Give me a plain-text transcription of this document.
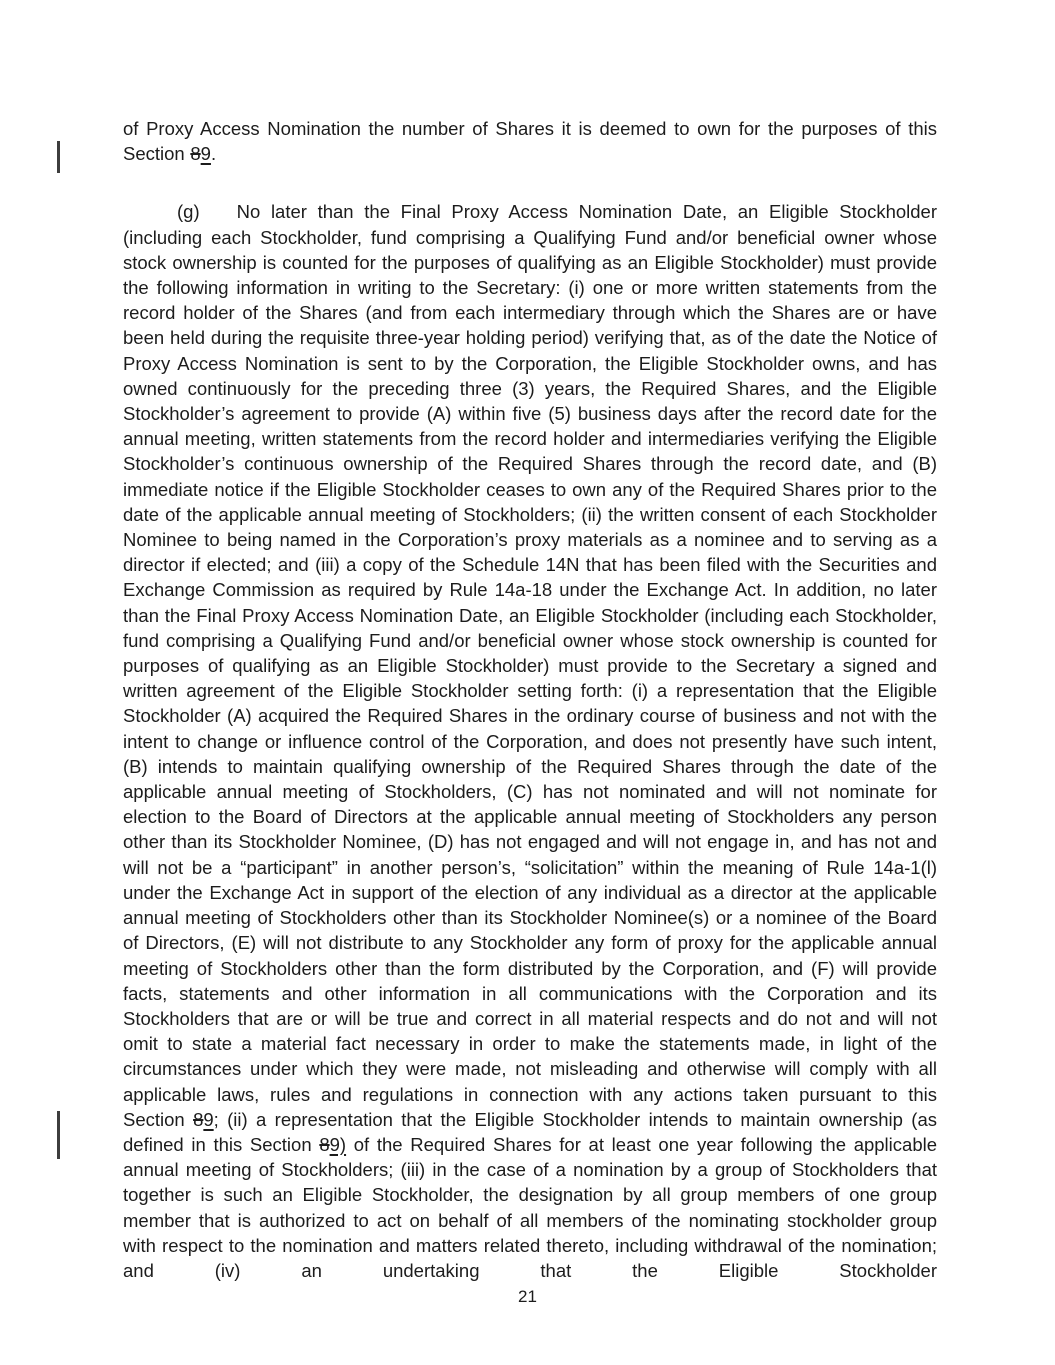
of Proxy Access Nomination the number of Shares it is deemed to own for the purposes of this Section 89.

(g) No later than the Final Proxy Access Nomination Date, an Eligible Stockholder (including each Stockholder, fund comprising a Qualifying Fund and/or beneficial owner whose stock ownership is counted for the purposes of qualifying as an Eligible Stockholder) must provide the following information in writing to the Secretary: (i) one or more written statements from the record holder of the Shares (and from each intermediary through which the Shares are or have been held during the requisite three-year holding period) verifying that, as of the date the Notice of Proxy Access Nomination is sent to by the Corporation, the Eligible Stockholder owns, and has owned continuously for the preceding three (3) years, the Required Shares, and the Eligible Stockholder’s agreement to provide (A) within five (5) business days after the record date for the annual meeting, written statements from the record holder and intermediaries verifying the Eligible Stockholder’s continuous ownership of the Required Shares through the record date, and (B) immediate notice if the Eligible Stockholder ceases to own any of the Required Shares prior to the date of the applicable annual meeting of Stockholders; (ii) the written consent of each Stockholder Nominee to being named in the Corporation’s proxy materials as a nominee and to serving as a director if elected; and (iii) a copy of the Schedule 14N that has been filed with the Securities and Exchange Commission as required by Rule 14a-18 under the Exchange Act. In addition, no later than the Final Proxy Access Nomination Date, an Eligible Stockholder (including each Stockholder, fund comprising a Qualifying Fund and/or beneficial owner whose stock ownership is counted for purposes of qualifying as an Eligible Stockholder) must provide to the Secretary a signed and written agreement of the Eligible Stockholder setting forth: (i) a representation that the Eligible Stockholder (A) acquired the Required Shares in the ordinary course of business and not with the intent to change or influence control of the Corporation, and does not presently have such intent, (B) intends to maintain qualifying ownership of the Required Shares through the date of the applicable annual meeting of Stockholders, (C) has not nominated and will not nominate for election to the Board of Directors at the applicable annual meeting of Stockholders any person other than its Stockholder Nominee, (D) has not engaged and will not engage in, and has not and will not be a “participant” in another person’s, “solicitation” within the meaning of Rule 14a-1(l) under the Exchange Act in support of the election of any individual as a director at the applicable annual meeting of Stockholders other than its Stockholder Nominee(s) or a nominee of the Board of Directors, (E) will not distribute to any Stockholder any form of proxy for the applicable annual meeting of Stockholders other than the form distributed by the Corporation, and (F) will provide facts, statements and other information in all communications with the Corporation and its Stockholders that are or will be true and correct in all material respects and do not and will not omit to state a material fact necessary in order to make the statements made, in light of the circumstances under which they were made, not misleading and otherwise will comply with all applicable laws, rules and regulations in connection with any actions taken pursuant to this Section 89; (ii) a representation that the Eligible Stockholder intends to maintain ownership (as defined in this Section 89) of the Required Shares for at least one year following the applicable annual meeting of Stockholders; (iii) in the case of a nomination by a group of Stockholders that together is such an Eligible Stockholder, the designation by all group members of one group member that is authorized to act on behalf of all members of the nominating stockholder group with respect to the nomination and matters related thereto, including withdrawal of the nomination; and (iv) an undertaking that the Eligible Stockholder

21
